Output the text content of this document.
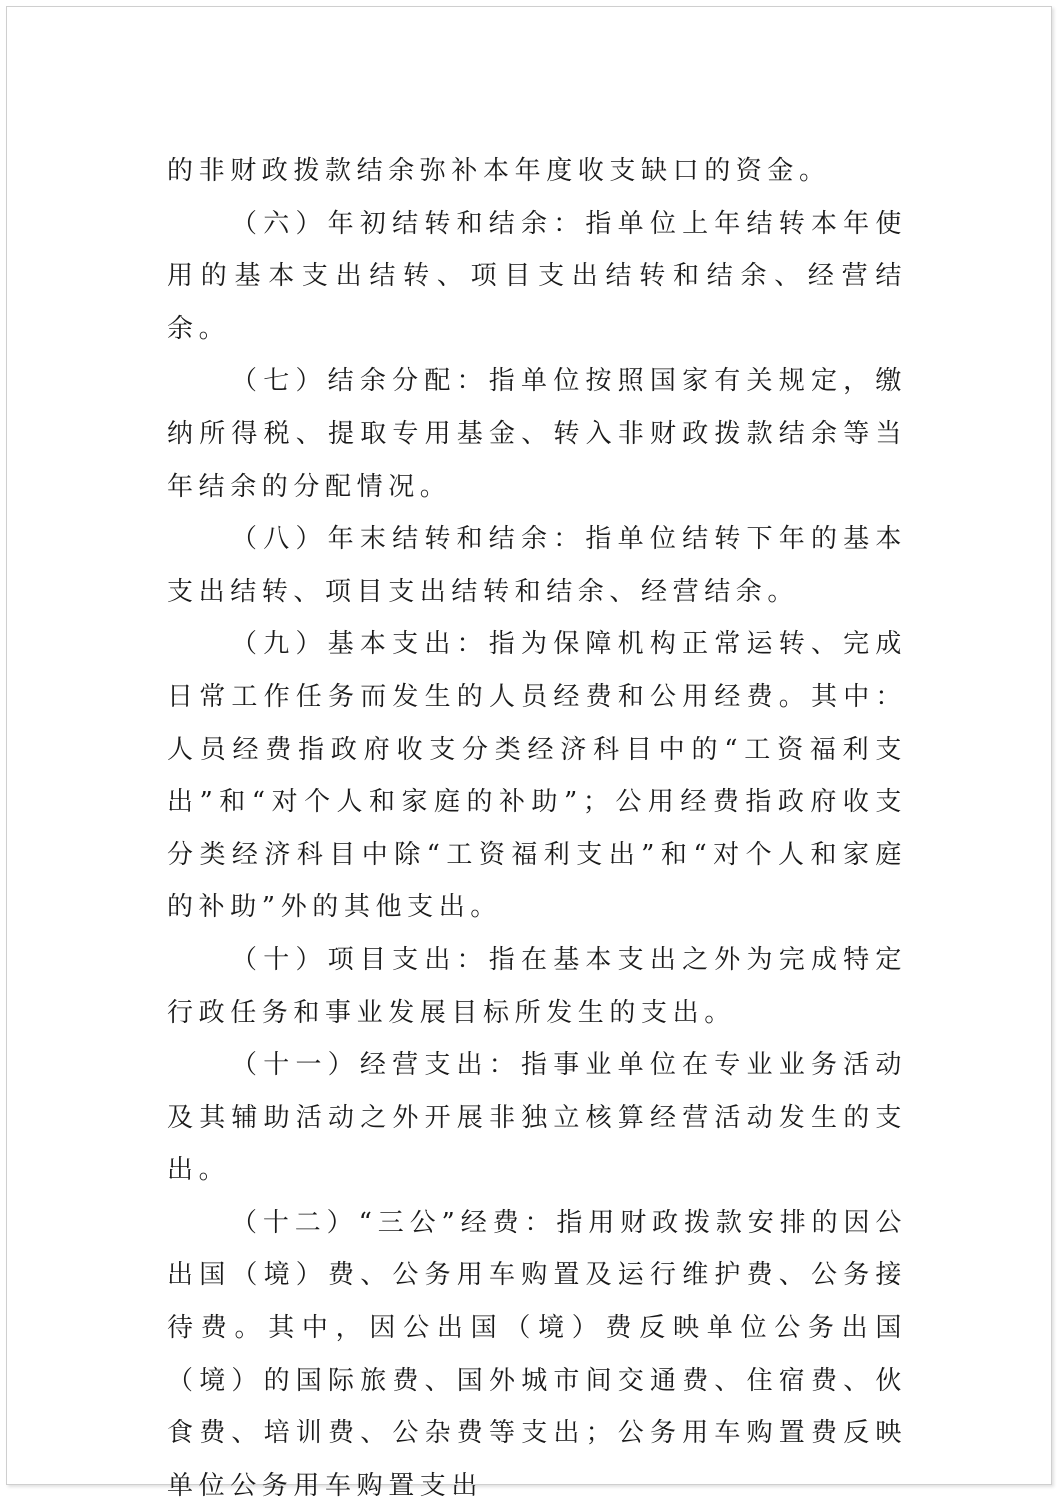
的非财政拨款结余弥补本年度收支缺口的资金。

（六）年初结转和结余：指单位上年结转本年使用的基本支出结转、项目支出结转和结余、经营结余。

（七）结余分配：指单位按照国家有关规定，缴纳所得税、提取专用基金、转入非财政拨款结余等当年结余的分配情况。

（八）年末结转和结余：指单位结转下年的基本支出结转、项目支出结转和结余、经营结余。

（九）基本支出：指为保障机构正常运转、完成日常工作任务而发生的人员经费和公用经费。其中：人员经费指政府收支分类经济科目中的“工资福利支出”和“对个人和家庭的补助”；公用经费指政府收支分类经济科目中除“工资福利支出”和“对个人和家庭的补助”外的其他支出。

（十）项目支出：指在基本支出之外为完成特定行政任务和事业发展目标所发生的支出。

（十一）经营支出：指事业单位在专业业务活动及其辅助活动之外开展非独立核算经营活动发生的支出。

（十二）“三公”经费：指用财政拨款安排的因公出国（境）费、公务用车购置及运行维护费、公务接待费。其中，因公出国（境）费反映单位公务出国（境）的国际旅费、国外城市间交通费、住宿费、伙食费、培训费、公杂费等支出；公务用车购置费反映单位公务用车购置支出
